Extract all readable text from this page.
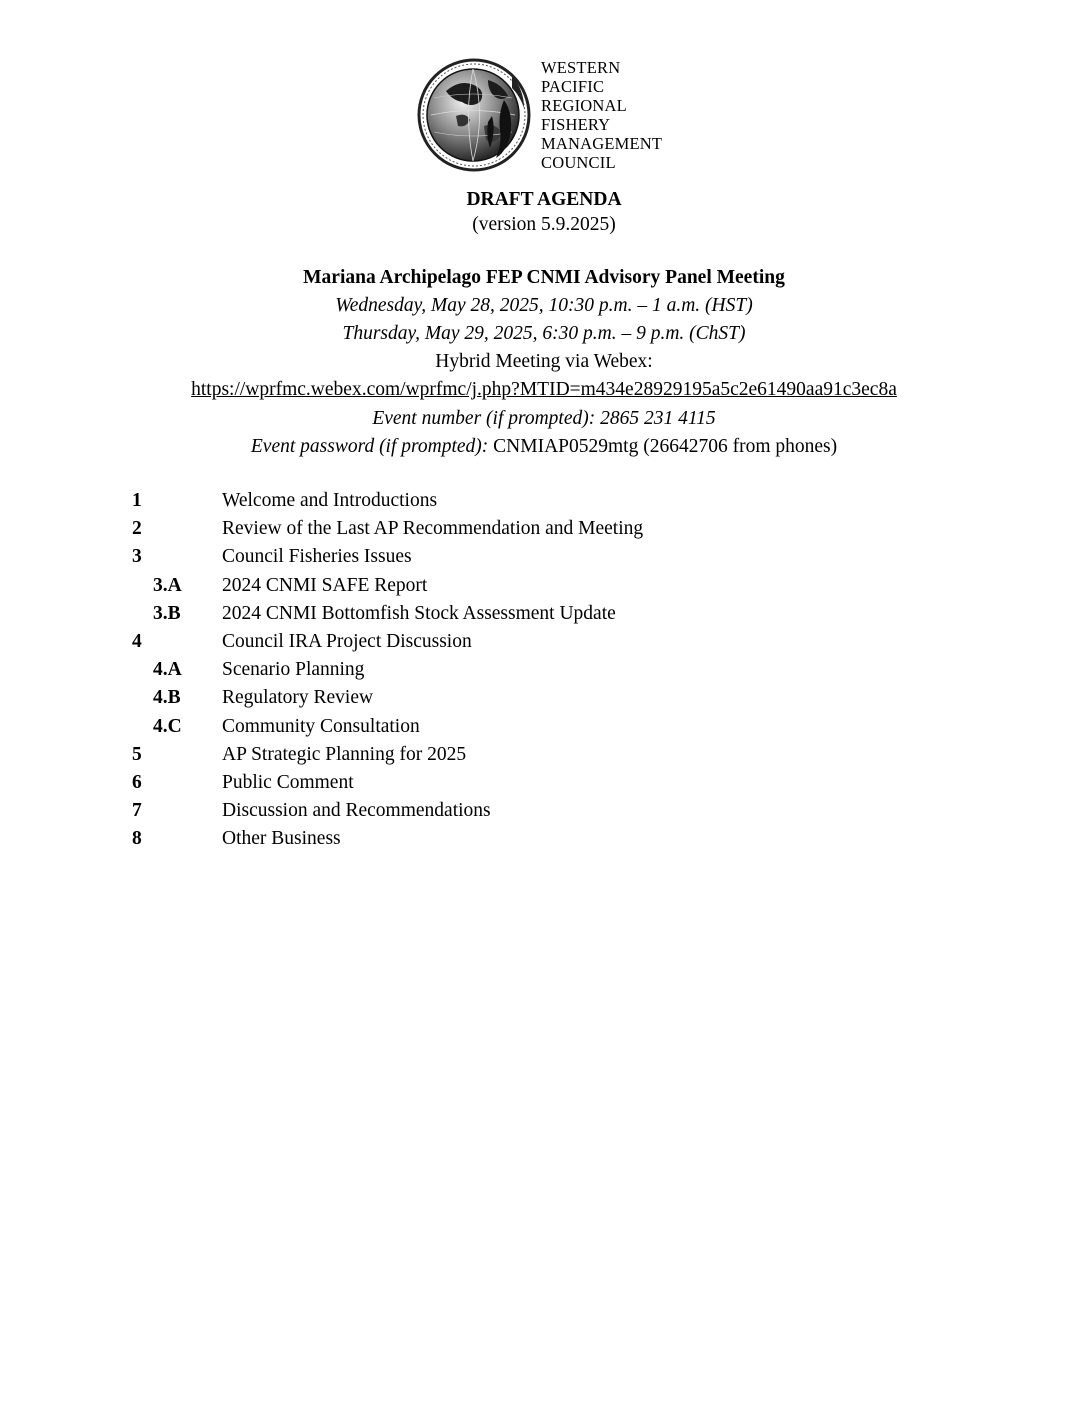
WESTERN
PACIFIC
REGIONAL
FISHERY
MANAGEMENT
COUNCIL
DRAFT AGENDA
(version 5.9.2025)
Mariana Archipelago FEP CNMI Advisory Panel Meeting
Wednesday, May 28, 2025, 10:30 p.m. – 1 a.m. (HST)
Thursday, May 29, 2025, 6:30 p.m. – 9 p.m. (ChST)
Hybrid Meeting via Webex:
https://wprfmc.webex.com/wprfmc/j.php?MTID=m434e28929195a5c2e61490aa91c3ec8a
Event number (if prompted): 2865 231 4115
Event password (if prompted): CNMIAP0529mtg (26642706 from phones)
1	Welcome and Introductions
2	Review of the Last AP Recommendation and Meeting
3	Council Fisheries Issues
3.A 2024 CNMI SAFE Report
3.B 2024 CNMI Bottomfish Stock Assessment Update
4	Council IRA Project Discussion
4.A Scenario Planning
4.B Regulatory Review
4.C Community Consultation
5	AP Strategic Planning for 2025
6	Public Comment
7	Discussion and Recommendations
8	Other Business
